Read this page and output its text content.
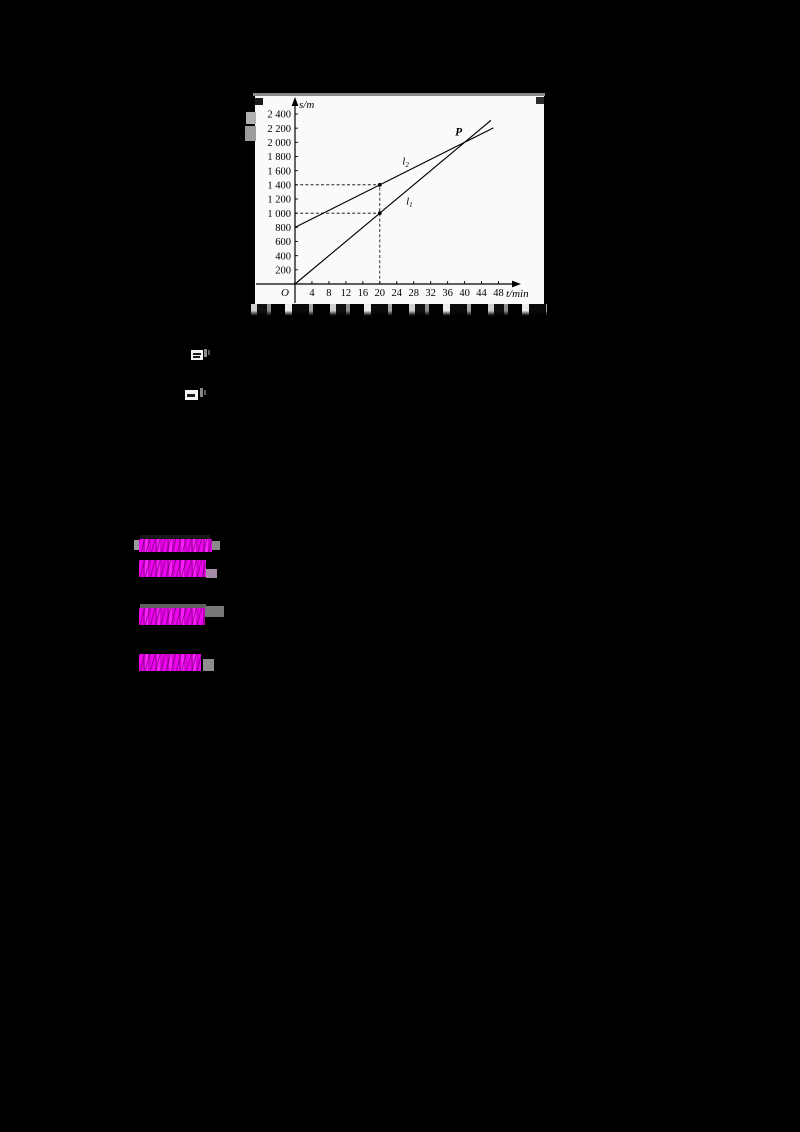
s/m
t/min
O
200
400
600
800
1 000
1 200
1 400
1 600
1 800
2 000
2 200
2 400
4 8 12 16 20 24 28 32 36 40 44 48
$l_1$
$l_2$
P
